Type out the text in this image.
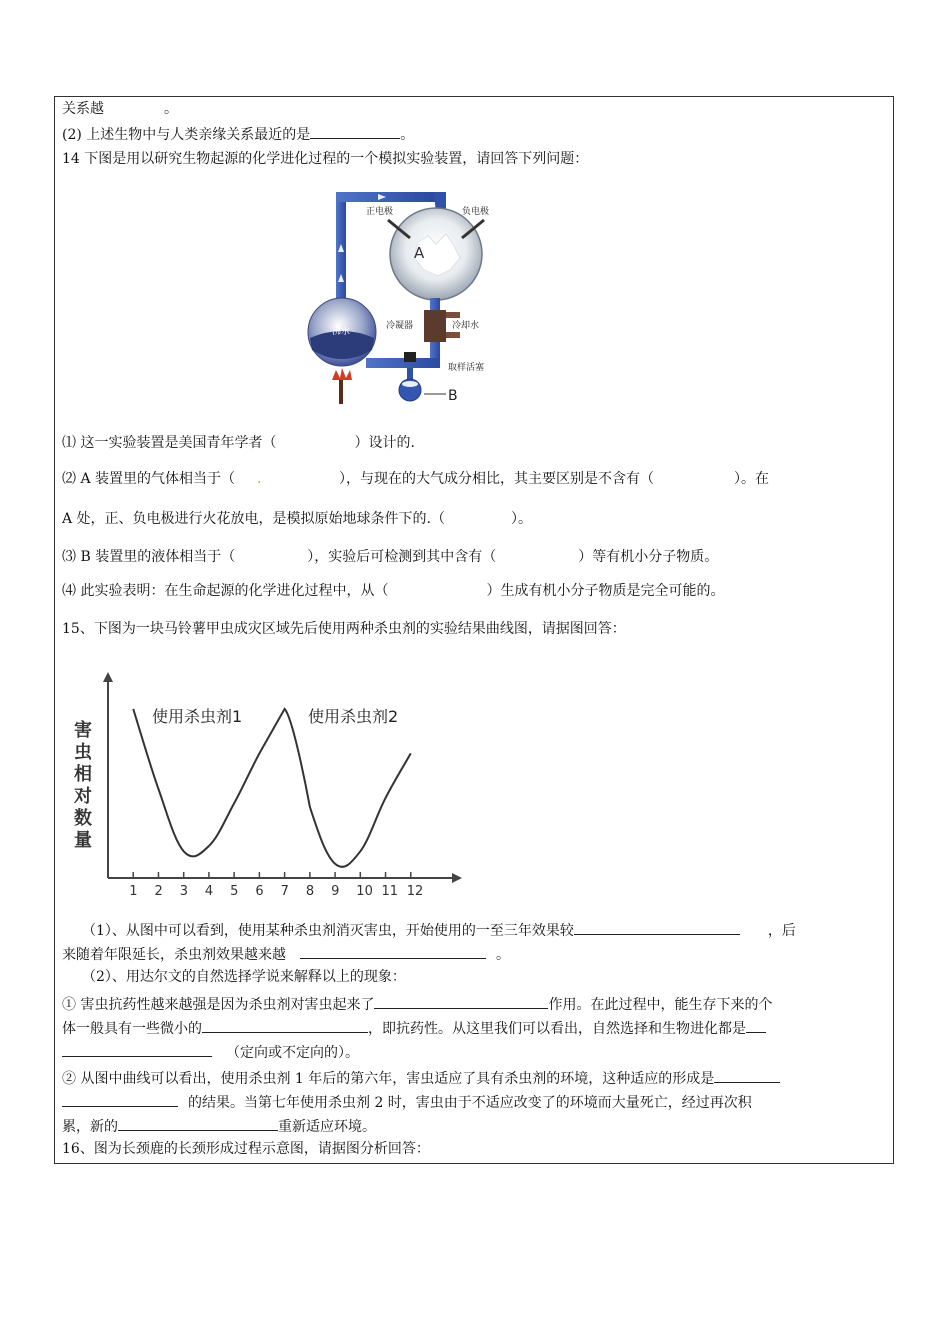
关系越	。
(2) 上述生物中与人类亲缘关系最近的是	。
14 下图是用以研究生物起源的化学进化过程的一个模拟实验装置，请回答下列问题：
正电极	负电极
A
冷凝器	冷却水
沸水
取样活塞
B
⑴ 这一实验装置是美国青年学者（	）设计的.
⑵ A 装置里的气体相当于（ .	），与现在的大气成分相比，其主要区别是不含有（	）。在
A 处，正、负电极进行火花放电，是模拟原始地球条件下的.（	）。
⑶ B 装置里的液体相当于（	），实验后可检测到其中含有（	）等有机小分子物质。
⑷ 此实验表明：在生命起源的化学进化过程中，从（	）生成有机小分子物质是完全可能的。
15、下图为一块马铃薯甲虫成灾区域先后使用两种杀虫剂的实验结果曲线图，请据图回答：
1 2 3 4 5 6 7 8 9 10 11 12
害
虫
相
对
数
量
使用杀虫剂1	使用杀虫剂2
（1）、从图中可以看到，使用某种杀虫剂消灭害虫，开始使用的一至三年效果较	，后
来随着年限延长，杀虫剂效果越来越	。
（2）、用达尔文的自然选择学说来解释以上的现象：
① 害虫抗药性越来越强是因为杀虫剂对害虫起来了	作用。在此过程中，能生存下来的个
体一般具有一些微小的	，即抗药性。从这里我们可以看出，自然选择和生物进化都是
（定向或不定向的）。
② 从图中曲线可以看出，使用杀虫剂 1 年后的第六年，害虫适应了具有杀虫剂的环境，这种适应的形成是
的结果。当第七年使用杀虫剂 2 时，害虫由于不适应改变了的环境而大量死亡，经过再次积
累，新的	重新适应环境。
16、图为长颈鹿的长颈形成过程示意图，请据图分析回答：
